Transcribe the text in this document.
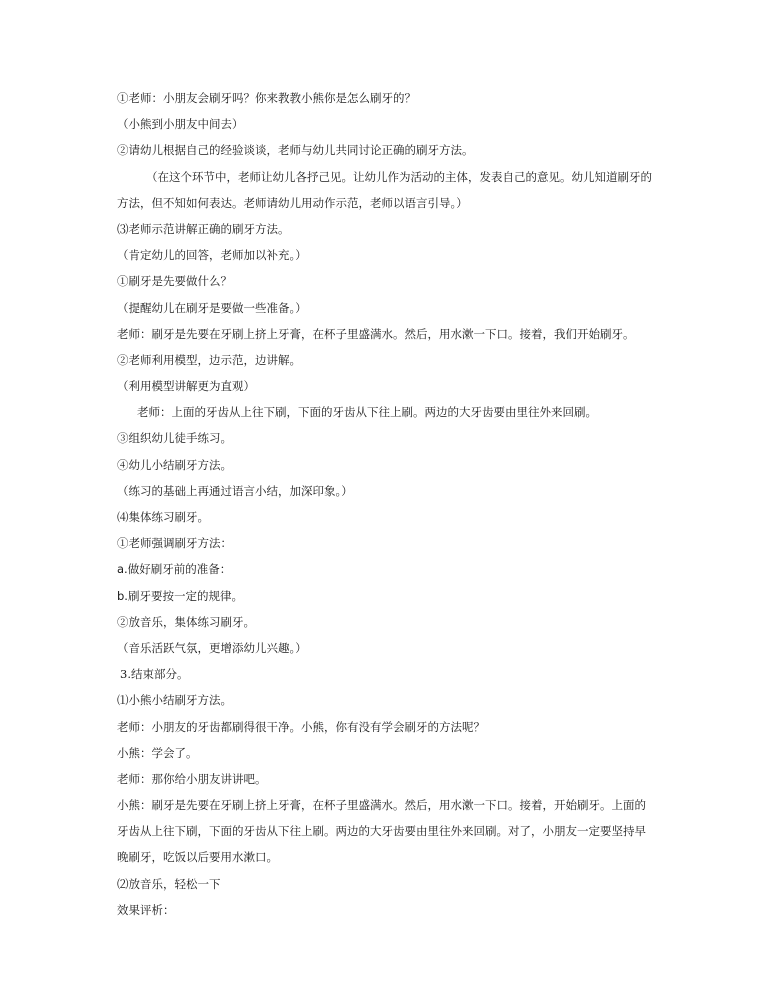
①老师：小朋友会刷牙吗？你来教教小熊你是怎么刷牙的？
（小熊到小朋友中间去）
②请幼儿根据自己的经验谈谈，老师与幼儿共同讨论正确的刷牙方法。
（在这个环节中，老师让幼儿各抒己见。让幼儿作为活动的主体，发表自己的意见。幼儿知道刷牙的
方法，但不知如何表达。老师请幼儿用动作示范，老师以语言引导。）
⑶老师示范讲解正确的刷牙方法。
（肯定幼儿的回答，老师加以补充。）
①刷牙是先要做什么？
（提醒幼儿在刷牙是要做一些准备。）
老师：刷牙是先要在牙刷上挤上牙膏，在杯子里盛满水。然后，用水漱一下口。接着，我们开始刷牙。
②老师利用模型，边示范，边讲解。
（利用模型讲解更为直观）
老师：上面的牙齿从上往下刷，下面的牙齿从下往上刷。两边的大牙齿要由里往外来回刷。
③组织幼儿徒手练习。
④幼儿小结刷牙方法。
（练习的基础上再通过语言小结，加深印象。）
⑷集体练习刷牙。
①老师强调刷牙方法：
a.做好刷牙前的准备：
b.刷牙要按一定的规律。
②放音乐，集体练习刷牙。
（音乐活跃气氛，更增添幼儿兴趣。）
3.结束部分。
⑴小熊小结刷牙方法。
老师：小朋友的牙齿都刷得很干净。小熊，你有没有学会刷牙的方法呢？
小熊：学会了。
老师：那你给小朋友讲讲吧。
小熊：刷牙是先要在牙刷上挤上牙膏，在杯子里盛满水。然后，用水漱一下口。接着，开始刷牙。上面的
牙齿从上往下刷，下面的牙齿从下往上刷。两边的大牙齿要由里往外来回刷。对了，小朋友一定要坚持早
晚刷牙，吃饭以后要用水漱口。
⑵放音乐，轻松一下
效果评析：
